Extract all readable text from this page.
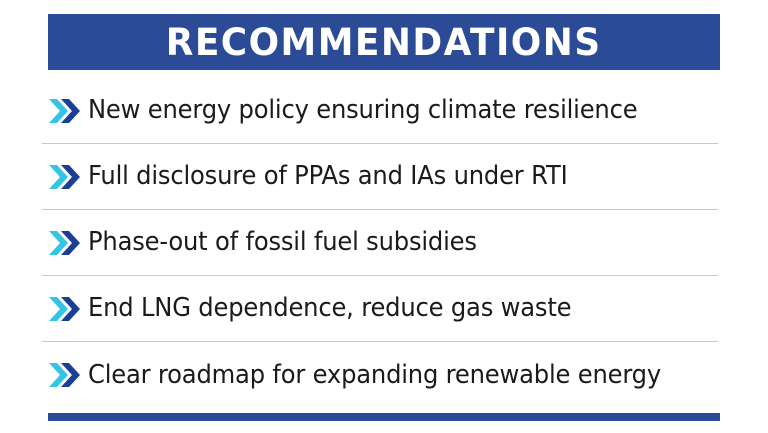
RECOMMENDATIONS
New energy policy ensuring climate resilience
Full disclosure of PPAs and IAs under RTI
Phase-out of fossil fuel subsidies
End LNG dependence, reduce gas waste
Clear roadmap for expanding renewable energy
